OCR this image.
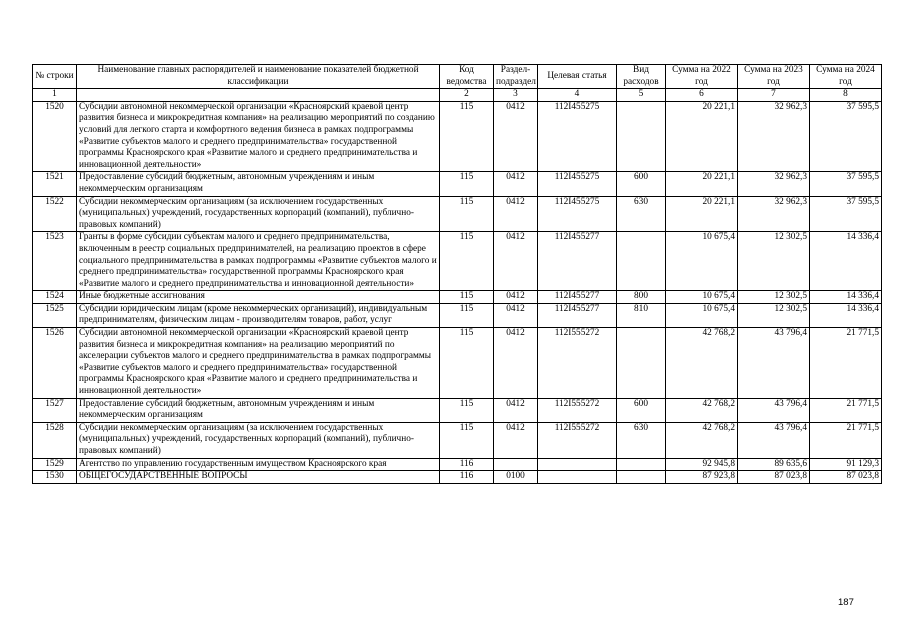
№ строки	Наименование главных распорядителей и наименование показателей бюджетной классификации	Код ведомства	Раздел-подраздел	Целевая статья	Вид расходов	Сумма на 2022 год	Сумма на 2023 год	Сумма на 2024 год
1		2	3	4	5	6	7	8
1520	Субсидии автономной некоммерческой организации «Красноярский краевой центр развития бизнеса и микрокредитная компания» на реализацию мероприятий по созданию условий для легкого старта и комфортного ведения бизнеса в рамках подпрограммы «Развитие субъектов малого и среднего предпринимательства» государственной программы Красноярского края «Развитие малого и среднего предпринимательства и инновационной деятельности»	115	0412	112I455275		20 221,1	32 962,3	37 595,5
1521	Предоставление субсидий бюджетным, автономным учреждениям и иным некоммерческим организациям	115	0412	112I455275	600	20 221,1	32 962,3	37 595,5
1522	Субсидии некоммерческим организациям (за исключением государственных (муниципальных) учреждений, государственных корпораций (компаний), публично-правовых компаний)	115	0412	112I455275	630	20 221,1	32 962,3	37 595,5
1523	Гранты в форме субсидии субъектам малого и среднего предпринимательства, включенным в реестр социальных предпринимателей, на реализацию проектов в сфере социального предпринимательства в рамках подпрограммы «Развитие субъектов малого и среднего предпринимательства» государственной программы Красноярского края «Развитие малого и среднего предпринимательства и инновационной деятельности»	115	0412	112I455277		10 675,4	12 302,5	14 336,4
1524	Иные бюджетные ассигнования	115	0412	112I455277	800	10 675,4	12 302,5	14 336,4
1525	Субсидии юридическим лицам (кроме некоммерческих организаций), индивидуальным предпринимателям, физическим лицам - производителям товаров, работ, услуг	115	0412	112I455277	810	10 675,4	12 302,5	14 336,4
1526	Субсидии автономной некоммерческой организации «Красноярский краевой центр развития бизнеса и микрокредитная компания» на реализацию мероприятий по акселерации субъектов малого и среднего предпринимательства в рамках подпрограммы «Развитие субъектов малого и среднего предпринимательства» государственной программы Красноярского края «Развитие малого и среднего предпринимательства и инновационной деятельности»	115	0412	112I555272		42 768,2	43 796,4	21 771,5
1527	Предоставление субсидий бюджетным, автономным учреждениям и иным некоммерческим организациям	115	0412	112I555272	600	42 768,2	43 796,4	21 771,5
1528	Субсидии некоммерческим организациям (за исключением государственных (муниципальных) учреждений, государственных корпораций (компаний), публично-правовых компаний)	115	0412	112I555272	630	42 768,2	43 796,4	21 771,5
1529	Агентство по управлению государственным имуществом Красноярского края	116				92 945,8	89 635,6	91 129,3
1530	ОБЩЕГОСУДАРСТВЕННЫЕ ВОПРОСЫ	116	0100			87 923,8	87 023,8	87 023,8
187
